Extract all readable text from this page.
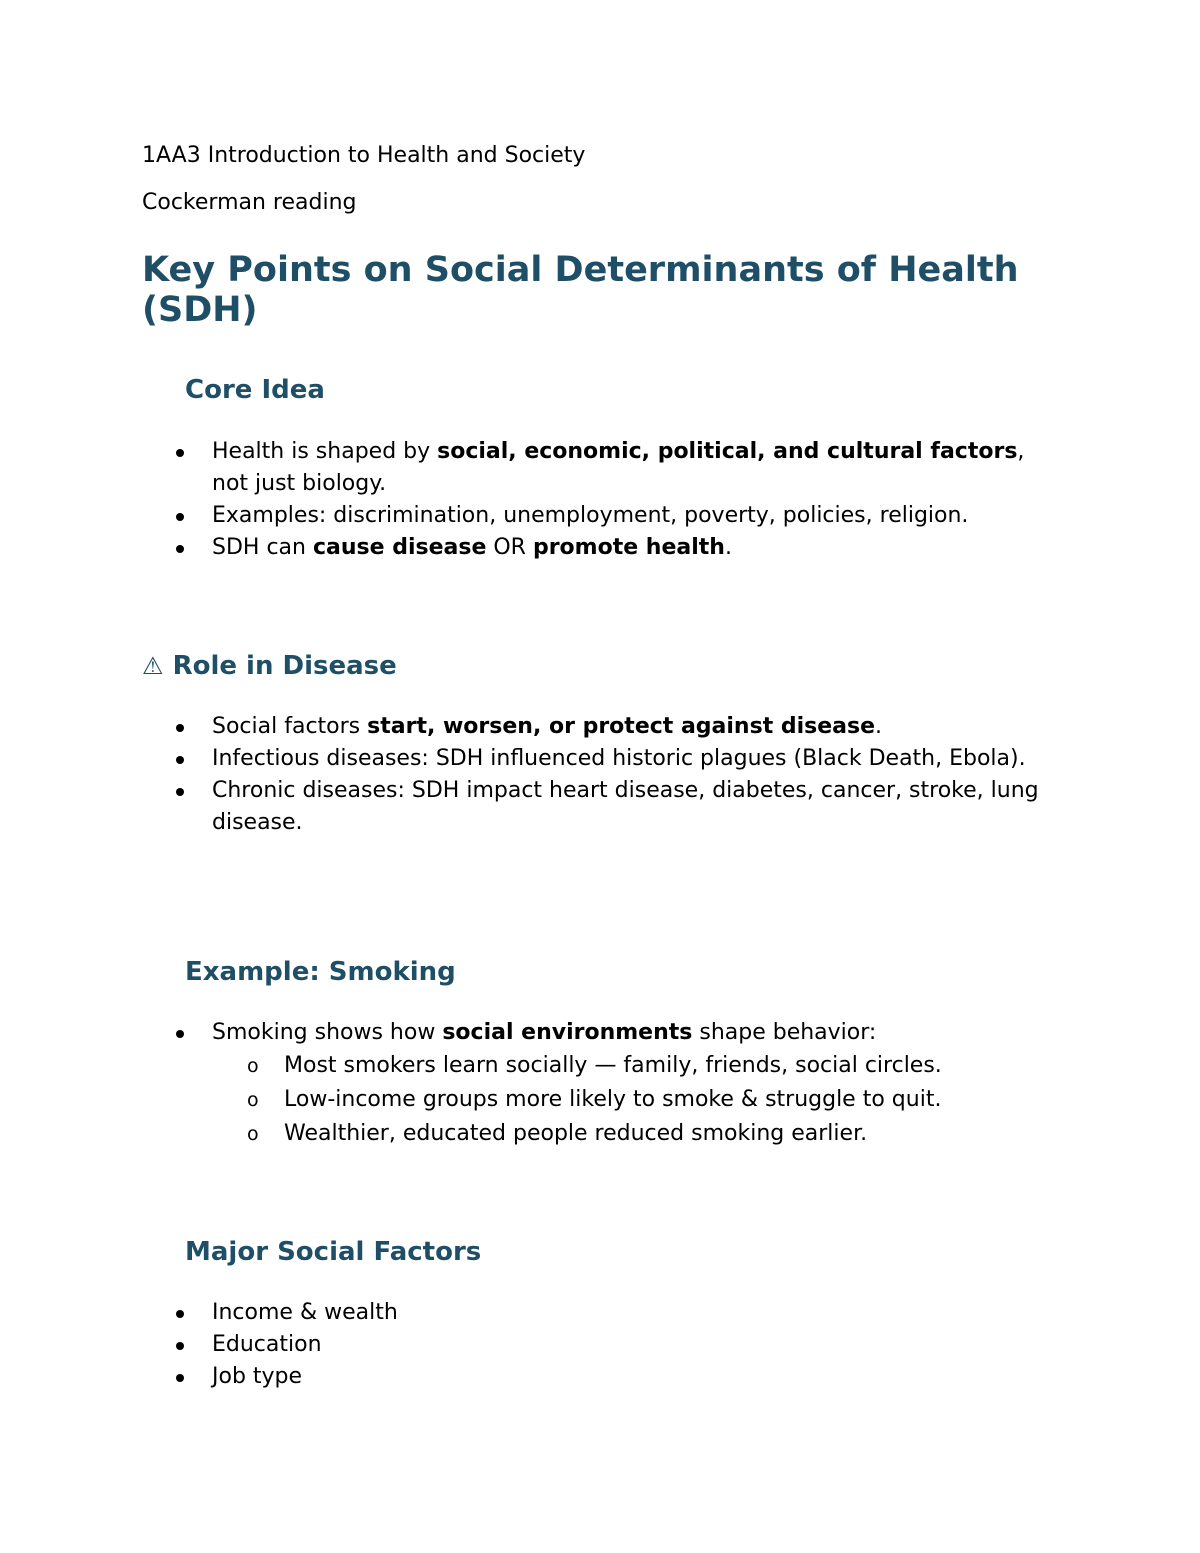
1AA3 Introduction to Health and Society
Cockerman reading
Key Points on Social Determinants of Health (SDH)
Core Idea
Health is shaped by social, economic, political, and cultural factors, not just biology.
Examples: discrimination, unemployment, poverty, policies, religion.
SDH can cause disease OR promote health.
⚠ Role in Disease
Social factors start, worsen, or protect against disease.
Infectious diseases: SDH influenced historic plagues (Black Death, Ebola).
Chronic diseases: SDH impact heart disease, diabetes, cancer, stroke, lung disease.
Example: Smoking
Smoking shows how social environments shape behavior:
o Most smokers learn socially — family, friends, social circles.
o Low-income groups more likely to smoke & struggle to quit.
o Wealthier, educated people reduced smoking earlier.
Major Social Factors
Income & wealth
Education
Job type
